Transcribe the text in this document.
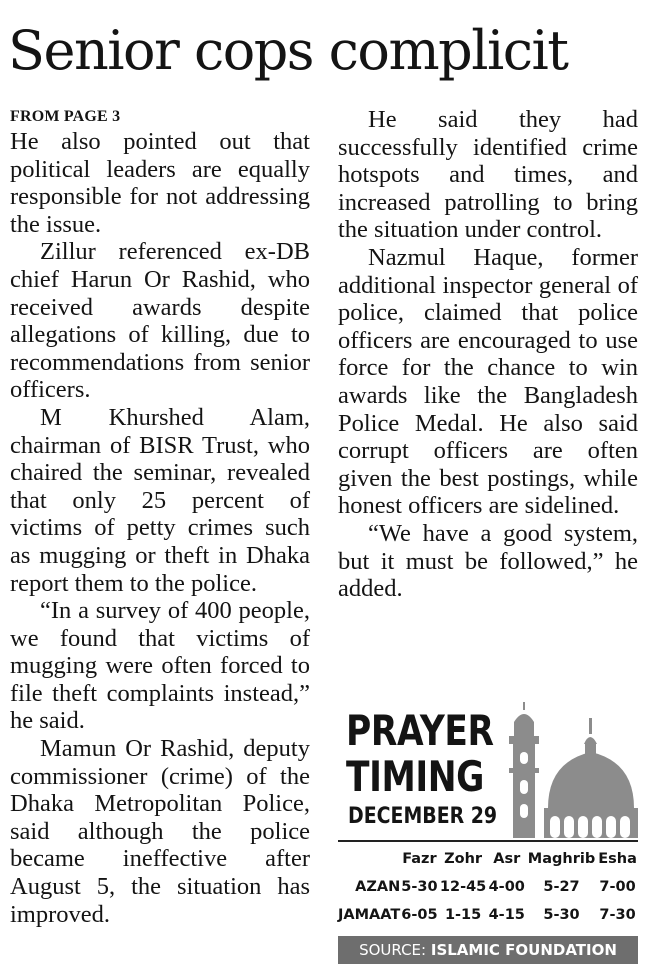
Senior cops complicit
FROM PAGE 3

He also pointed out that political leaders are equally responsible for not addressing the issue.

Zillur referenced ex-DB chief Harun Or Rashid, who received awards despite allegations of killing, due to recommendations from senior officers.

M Khurshed Alam, chairman of BISR Trust, who chaired the seminar, revealed that only 25 percent of victims of petty crimes such as mugging or theft in Dhaka report them to the police.

“In a survey of 400 people, we found that victims of mugging were often forced to file theft complaints instead,” he said.

Mamun Or Rashid, deputy commissioner (crime) of the Dhaka Metropolitan Police, said although the police became ineffective after August 5, the situation has improved.

He said they had successfully identified crime hotspots and times, and increased patrolling to bring the situation under control.

Nazmul Haque, former additional inspector general of police, claimed that police officers are encouraged to use force for the chance to win awards like the Bangladesh Police Medal. He also said corrupt officers are often given the best postings, while honest officers are sidelined.

“We have a good system, but it must be followed,” he added.

PRAYER
TIMING
DECEMBER 29
	Fazr	Zohr	Asr	Maghrib	Esha
AZAN	5-30	12-45	4-00	5-27	7-00
JAMAAT	6-05	1-15	4-15	5-30	7-30
SOURCE: ISLAMIC FOUNDATION
